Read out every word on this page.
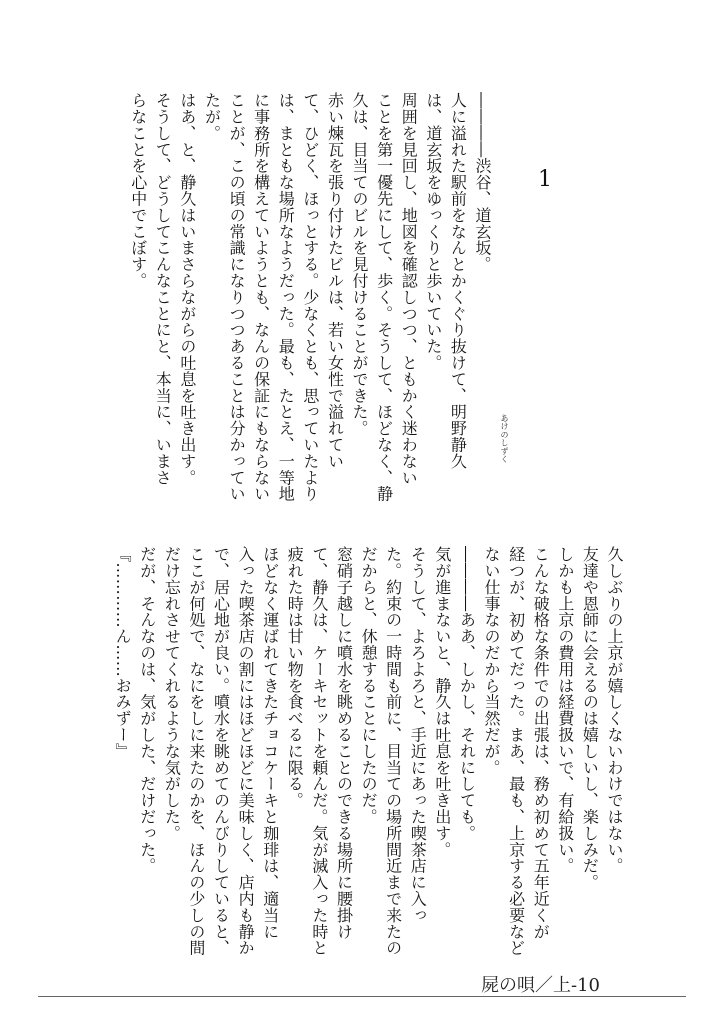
1
あけのしずく

――――渋谷、道玄坂。

人に溢れた駅前をなんとかくぐり抜けて、明野静久

は、道玄坂をゆっくりと歩いていた。

周囲を見回し、地図を確認しつつ、ともかく迷わない

ことを第一優先にして、歩く。そうして、ほどなく、静

久は、目当てのビルを見付けることができた。

赤い煉瓦を張り付けたビルは、若い女性で溢れてい

て、ひどく、ほっとする。少なくとも、思っていたより

は、まともな場所なようだった。最も、たとえ、一等地

に事務所を構えていようとも、なんの保証にもならない

ことが、この頃の常識になりつつあることは分かってい

たが。

はあ、と、静久はいまさらながらの吐息を吐き出す。

そうして、どうしてこんなことにと、本当に、いまさ

らなことを心中でこぼす。

久しぶりの上京が嬉しくないわけではない。

友達や恩師に会えるのは嬉しいし、楽しみだ。

しかも上京の費用は経費扱いで、有給扱い。

こんな破格な条件での出張は、務め初めて五年近くが

経つが、初めてだった。まあ、最も、上京する必要など

ない仕事なのだから当然だが。

――――ああ、しかし、それにしても。

気が進まないと、静久は吐息を吐き出す。

そうして、よろよろと、手近にあった喫茶店に入っ

た。約束の一時間も前に、目当ての場所間近まで来たの

だからと、休憩することにしたのだ。

窓硝子越しに噴水を眺めることのできる場所に腰掛け

て、静久は、ケーキセットを頼んだ。気が滅入った時と

疲れた時は甘い物を食べるに限る。

ほどなく運ばれてきたチョコケーキと珈琲は、適当に

入った喫茶店の割にはほどほどに美味しく、店内も静か

で、居心地が良い。噴水を眺めてのんびりしていると、

ここが何処で、なにをしに来たのかを、ほんの少しの間

だけ忘れさせてくれるような気がした。

だが、そんなのは、気がした、だけだった。

『…………ん……おみずー』

屍の唄／上-10
